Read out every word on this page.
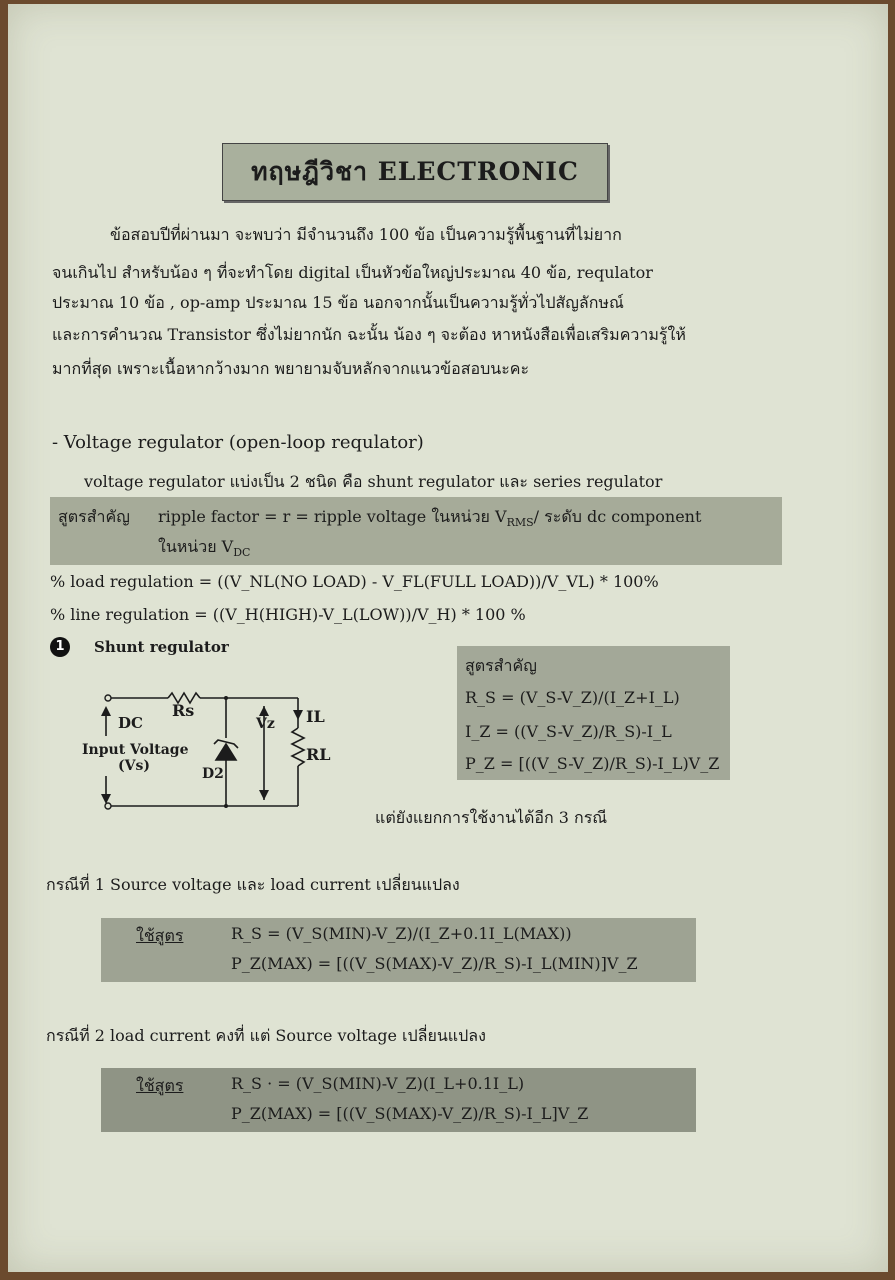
ทฤษฎีวิชา ELECTRONIC
ข้อสอบปีที่ผ่านมา จะพบว่า มีจำนวนถึง 100 ข้อ เป็นความรู้พื้นฐานที่ไม่ยาก
จนเกินไป สำหรับน้อง ๆ ที่จะทำโดย digital เป็นหัวข้อใหญ่ประมาณ 40 ข้อ, requlator
ประมาณ 10 ข้อ , op-amp ประมาณ 15 ข้อ นอกจากนั้นเป็นความรู้ทั่วไปสัญลักษณ์
และการคำนวณ Transistor ซึ่งไม่ยากนัก ฉะนั้น น้อง ๆ จะต้อง หาหนังสือเพื่อเสริมความรู้ให้
มากที่สุด เพราะเนื้อหากว้างมาก พยายามจับหลักจากแนวข้อสอบนะคะ
- Voltage regulator (open-loop requlator)
voltage regulator แบ่งเป็น 2 ชนิด คือ shunt regulator และ series regulator
สูตรสำคัญ ripple factor = r = ripple voltage ในหน่วย $V_{RMS}/$ ระดับ dc component
ในหน่วย $V_{DC}$
% load regulation = ((V_NL(NO LOAD) - V_FL(FULL LOAD))/V_VL) * 100%
% line regulation = ((V_H(HIGH)-V_L(LOW))/V_H) * 100 %
1	Shunt regulator
Rs
DC
Input Voltage
(Vs)	D2
Vz IL
RL
สูตรสำคัญ
R_S = (V_S-V_Z)/(I_Z+I_L)
I_Z = ((V_S-V_Z)/R_S)-I_L
P_Z = [((V_S-V_Z)/R_S)-I_L)V_Z
แต่ยังแยกการใช้งานได้อีก 3 กรณี
กรณีที่ 1 Source voltage และ load current เปลี่ยนแปลง
ใช้สูตร	R_S = (V_S(MIN)-V_Z)/(I_Z+0.1I_L(MAX))
P_Z(MAX) = [((V_S(MAX)-V_Z)/R_S)-I_L(MIN)]V_Z
กรณีที่ 2 load current คงที่ แต่ Source voltage เปลี่ยนแปลง
ใช้สูตร	R_S · = (V_S(MIN)-V_Z)(I_L+0.1I_L)
P_Z(MAX) = [((V_S(MAX)-V_Z)/R_S)-I_L]V_Z
